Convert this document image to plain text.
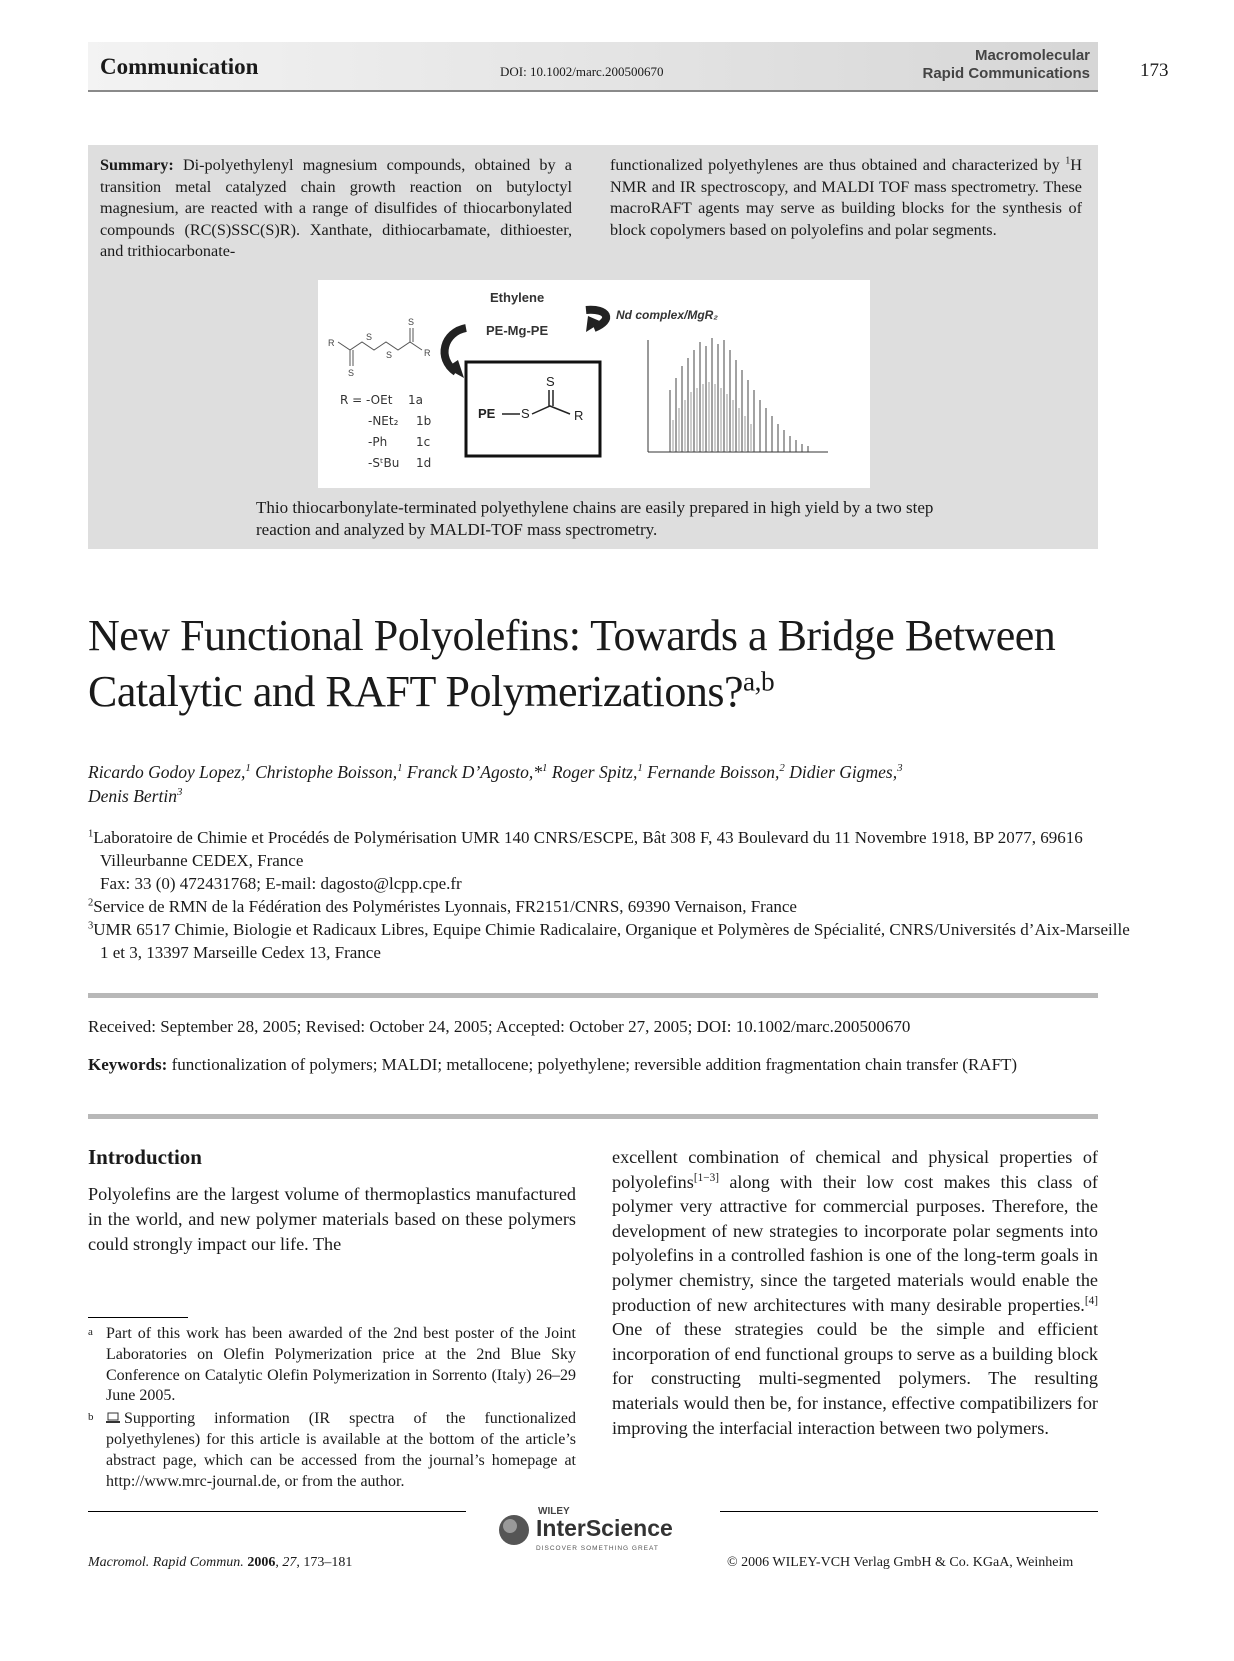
Communication	DOI: 10.1002/marc.200500670
Macromolecular
Rapid Communications	173
Summary: Di-polyethylenyl magnesium compounds, obtained by a transition metal catalyzed chain growth reaction on butyloctyl magnesium, are reacted with a range of disulfides of thiocarbonylated compounds (RC(S)SSC(S)R). Xanthate, dithiocarbamate, dithioester, and trithiocarbonate-
functionalized polyethylenes are thus obtained and characterized by $^1$H NMR and IR spectroscopy, and MALDI TOF mass spectrometry. These macroRAFT agents may serve as building blocks for the synthesis of block copolymers based on polyolefins and polar segments.
R
R
S
S
S
S
R = -OEt 1a
-NEt₂ 1b
-Ph 1c
-SᵗBu 1d
Ethylene
PE-Mg-PE
Nd complex/MgR₂
PE S
S
R
Thio thiocarbonylate-terminated polyethylene chains are easily prepared in high yield by a two step reaction and analyzed by MALDI-TOF mass spectrometry.
New Functional Polyolefins: Towards a Bridge Between Catalytic and RAFT Polymerizations?$^{a,b}$
Ricardo Godoy Lopez,$^1$ Christophe Boisson,$^1$ Franck D’Agosto,*$^1$ Roger Spitz,$^1$ Fernande Boisson,$^2$ Didier Gigmes,$^3$
Denis Bertin$^3$
$^1$Laboratoire de Chimie et Procédés de Polymérisation UMR 140 CNRS/ESCPE, Bât 308 F, 43 Boulevard du 11 Novembre 1918, BP 2077, 69616 Villeurbanne CEDEX, France
Fax: 33 (0) 472431768; E-mail: dagosto@lcpp.cpe.fr
$^2$Service de RMN de la Fédération des Polyméristes Lyonnais, FR2151/CNRS, 69390 Vernaison, France
$^3$UMR 6517 Chimie, Biologie et Radicaux Libres, Equipe Chimie Radicalaire, Organique et Polymères de Spécialité, CNRS/Universités d’Aix-Marseille 1 et 3, 13397 Marseille Cedex 13, France
Received: September 28, 2005; Revised: October 24, 2005; Accepted: October 27, 2005; DOI: 10.1002/marc.200500670
Keywords: functionalization of polymers; MALDI; metallocene; polyethylene; reversible addition fragmentation chain transfer (RAFT)
Introduction
Polyolefins are the largest volume of thermoplastics manufactured in the world, and new polymer materials based on these polymers could strongly impact our life. The
excellent combination of chemical and physical properties of polyolefins[1−3] along with their low cost makes this class of polymer very attractive for commercial purposes. Therefore, the development of new strategies to incorporate polar segments into polyolefins in a controlled fashion is one of the long-term goals in polymer chemistry, since the targeted materials would enable the production of new architectures with many desirable properties.[4] One of these strategies could be the simple and efficient incorporation of end functional groups to serve as a building block for constructing multi-segmented polymers. The resulting materials would then be, for instance, effective compatibilizers for improving the interfacial interaction between two polymers.
a Part of this work has been awarded of the 2nd best poster of the Joint Laboratories on Olefin Polymerization price at the 2nd Blue Sky Conference on Catalytic Olefin Polymerization in Sorrento (Italy) 26–29 June 2005.
b Supporting information (IR spectra of the functionalized polyethylenes) for this article is available at the bottom of the article’s abstract page, which can be accessed from the journal’s homepage at http://www.mrc-journal.de, or from the author.
Macromol. Rapid Commun. 2006, 27, 173–181
WILEY
InterScience
DISCOVER SOMETHING GREAT
© 2006 WILEY-VCH Verlag GmbH & Co. KGaA, Weinheim
